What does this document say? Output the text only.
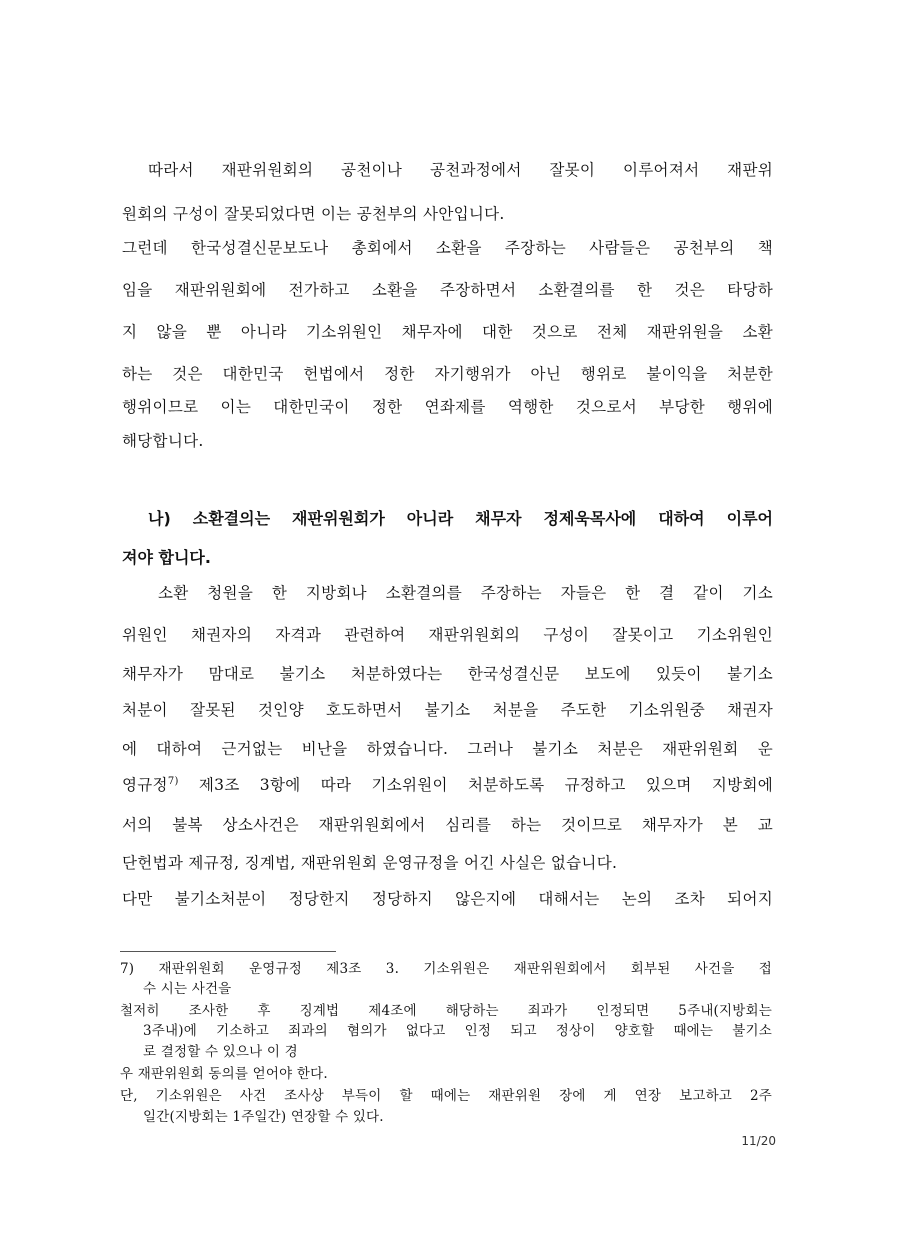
따라서 재판위원회의 공천이나 공천과정에서 잘못이 이루어져서 재판위

원회의 구성이 잘못되었다면 이는 공천부의 사안입니다.

그런데 한국성결신문보도나 총회에서 소환을 주장하는 사람들은 공천부의 책

임을 재판위원회에 전가하고 소환을 주장하면서 소환결의를 한 것은 타당하

지 않을 뿐 아니라 기소위원인 채무자에 대한 것으로 전체 재판위원을 소환

하는 것은 대한민국 헌법에서 정한 자기행위가 아닌 행위로 불이익을 처분한

행위이므로 이는 대한민국이 정한 연좌제를 역행한 것으로서 부당한 행위에

해당합니다.

나) 소환결의는 재판위원회가 아니라 채무자 정제욱목사에 대하여 이루어

져야 합니다.

소환 청원을 한 지방회나 소환결의를 주장하는 자들은 한 결 같이 기소

위원인 채권자의 자격과 관련하여 재판위원회의 구성이 잘못이고 기소위원인

채무자가 맘대로 불기소 처분하였다는 한국성결신문 보도에 있듯이 불기소

처분이 잘못된 것인양 호도하면서 불기소 처분을 주도한 기소위원중 채권자

에 대하여 근거없는 비난을 하였습니다. 그러나 불기소 처분은 재판위원회 운

영규정$^{7)}$ 제3조 3항에 따라 기소위원이 처분하도록 규정하고 있으며 지방회에

서의 불복 상소사건은 재판위원회에서 심리를 하는 것이므로 채무자가 본 교

단헌법과 제규정, 징계법, 재판위원회 운영규정을 어긴 사실은 없습니다.

다만 불기소처분이 정당한지 정당하지 않은지에 대해서는 논의 조차 되어지

7) 재판위원회 운영규정 제3조 3. 기소위원은 재판위원회에서 회부된 사건을 접

수 시는 사건을

철저히 조사한 후 징계법 제4조에 해당하는 죄과가 인정되면 5주내(지방회는

3주내)에 기소하고 죄과의 혐의가 없다고 인정 되고 정상이 양호할 때에는 불기소

로 결정할 수 있으나 이 경

우 재판위원회 동의를 얻어야 한다.

단, 기소위원은 사건 조사상 부득이 할 때에는 재판위원 장에 게 연장 보고하고 2주

일간(지방회는 1주일간) 연장할 수 있다.

11/20
